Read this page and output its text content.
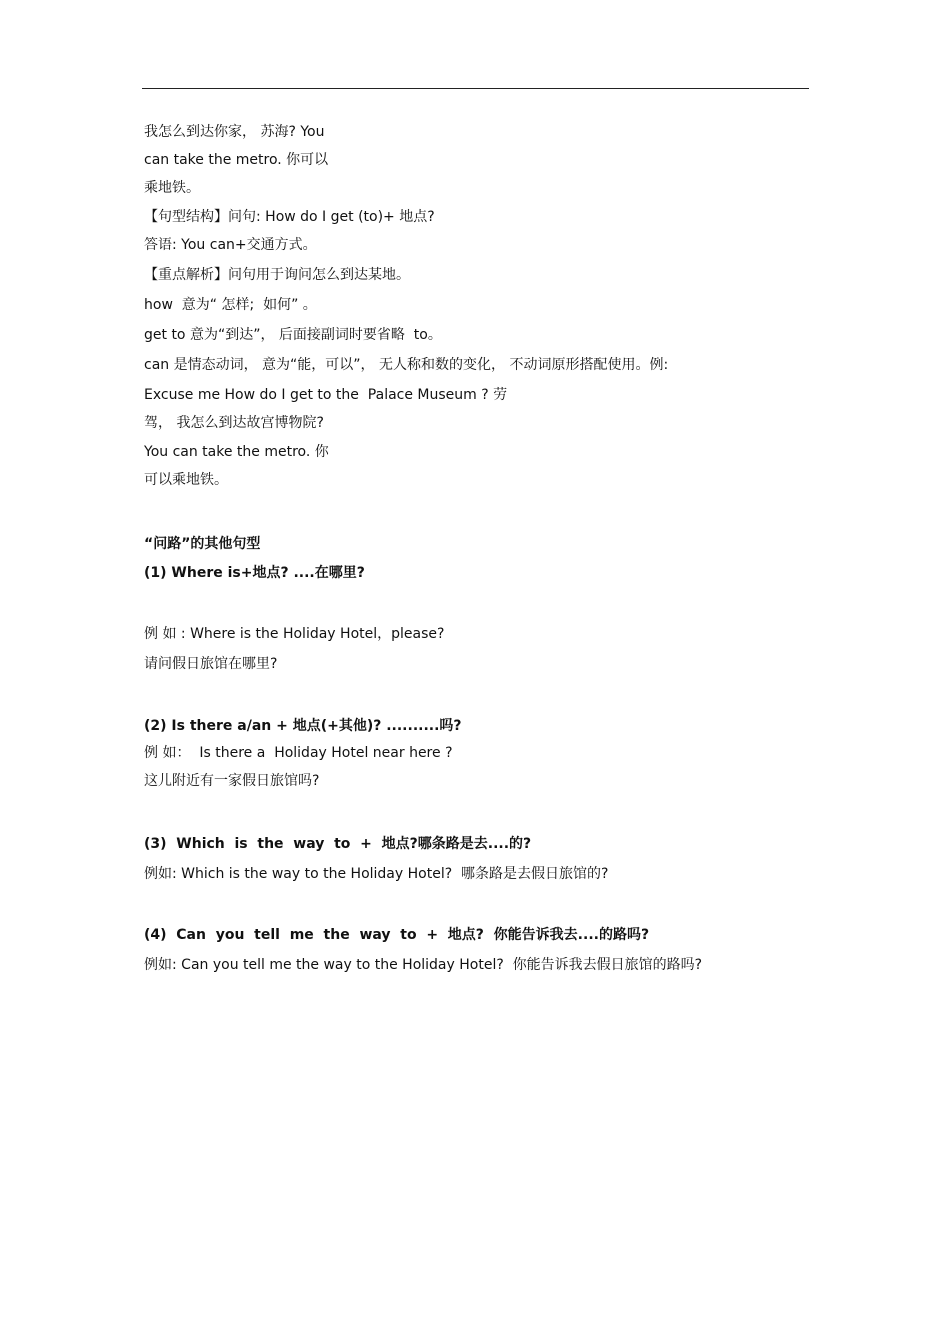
我怎么到达你家， 苏海? You
can take the metro. 你可以
乘地铁。
【句型结构】问句: How do I get (to)+ 地点?
答语: You can+交通方式。
【重点解析】问句用于询问怎么到达某地。
how  意为“ 怎样;  如何” 。
get to 意为“到达”， 后面接副词时要省略  to。
can 是情态动词， 意为“能，可以”， 无人称和数的变化， 不动词原形搭配使用。例:
Excuse me How do I get to the  Palace Museum ? 劳
驾， 我怎么到达故宫博物院?
You can take the metro. 你
可以乘地铁。
“问路”的其他句型
(1) Where is+地点? ....在哪里?
例 如 : Where is the Holiday Hotel，please?
请问假日旅馆在哪里?
(2) Is there a/an + 地点(+其他)? ..........吗?
例 如：  Is there a  Holiday Hotel near here ?
这儿附近有一家假日旅馆吗?
(3)  Which  is  the  way  to  +  地点?哪条路是去....的?
例如: Which is the way to the Holiday Hotel?  哪条路是去假日旅馆的?
(4)  Can  you  tell  me  the  way  to  +  地点?  你能告诉我去....的路吗?
例如: Can you tell me the way to the Holiday Hotel?  你能告诉我去假日旅馆的路吗?
